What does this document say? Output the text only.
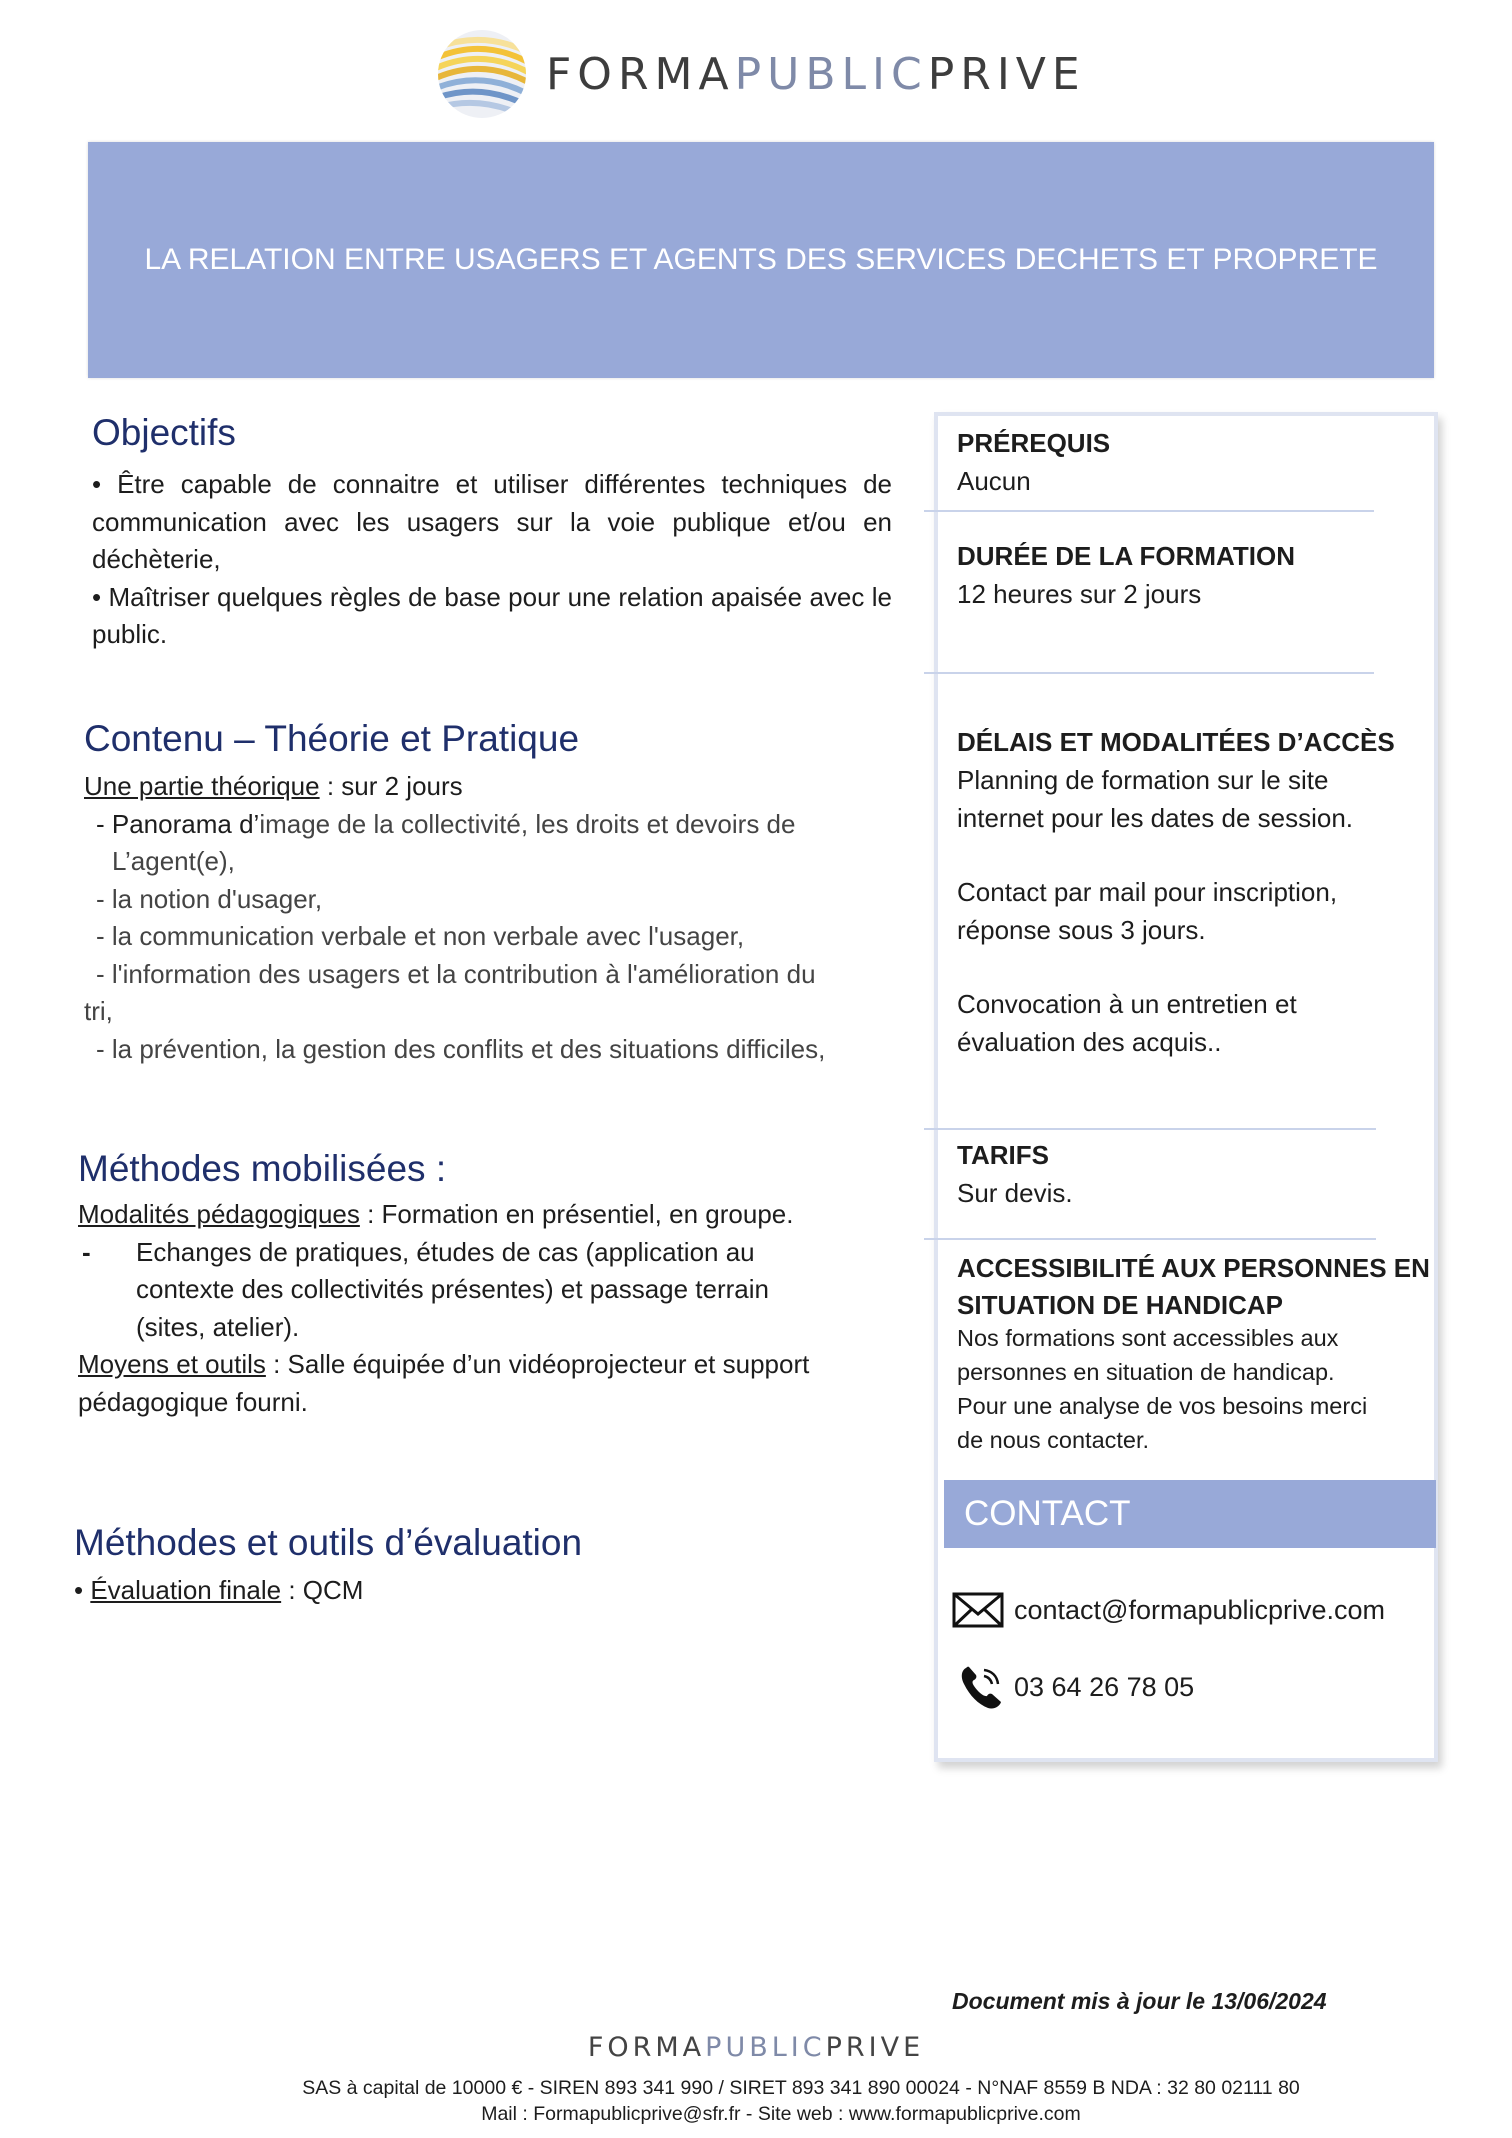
FORMAPUBLICPRIVE
LA RELATION ENTRE USAGERS ET AGENTS DES SERVICES DECHETS ET PROPRETE
Objectifs
• Être capable de connaitre et utiliser différentes techniques de communication avec les usagers sur la voie publique et/ou en déchèterie,
• Maîtriser quelques règles de base pour une relation apaisée avec le public.
Contenu – Théorie et Pratique
Une partie théorique : sur 2 jours
- Panorama d’image de la collectivité, les droits et devoirs de
L’agent(e),
- la notion d'usager,
- la communication verbale et non verbale avec l'usager,
- l'information des usagers et la contribution à l'amélioration du
tri,
- la prévention, la gestion des conflits et des situations difficiles,
Méthodes mobilisées :
Modalités pédagogiques : Formation en présentiel, en groupe.
-	Echanges de pratiques, études de cas (application au
contexte des collectivités présentes) et passage terrain
(sites, atelier).
Moyens et outils : Salle équipée d’un vidéoprojecteur et support
pédagogique fourni.
Méthodes et outils d’évaluation
• Évaluation finale : QCM
PRÉREQUIS
Aucun
DURÉE DE LA FORMATION
12 heures sur 2 jours
DÉLAIS ET MODALITÉES D’ACCÈS
Planning de formation sur le site
internet pour les dates de session.
Contact par mail pour inscription,
réponse sous 3 jours.
Convocation à un entretien et
évaluation des acquis..
TARIFS
Sur devis.
ACCESSIBILITÉ AUX PERSONNES EN
SITUATION DE HANDICAP
Nos formations sont accessibles aux
personnes en situation de handicap.
Pour une analyse de vos besoins merci
de nous contacter.
CONTACT
contact@formapublicprive.com
03 64 26 78 05
Document mis à jour le 13/06/2024
FORMAPUBLICPRIVE
SAS à capital de 10000 € - SIREN 893 341 990 / SIRET 893 341 890 00024 - N°NAF 8559 B NDA : 32 80 02111 80
Mail : Formapublicprive@sfr.fr - Site web : www.formapublicprive.com
